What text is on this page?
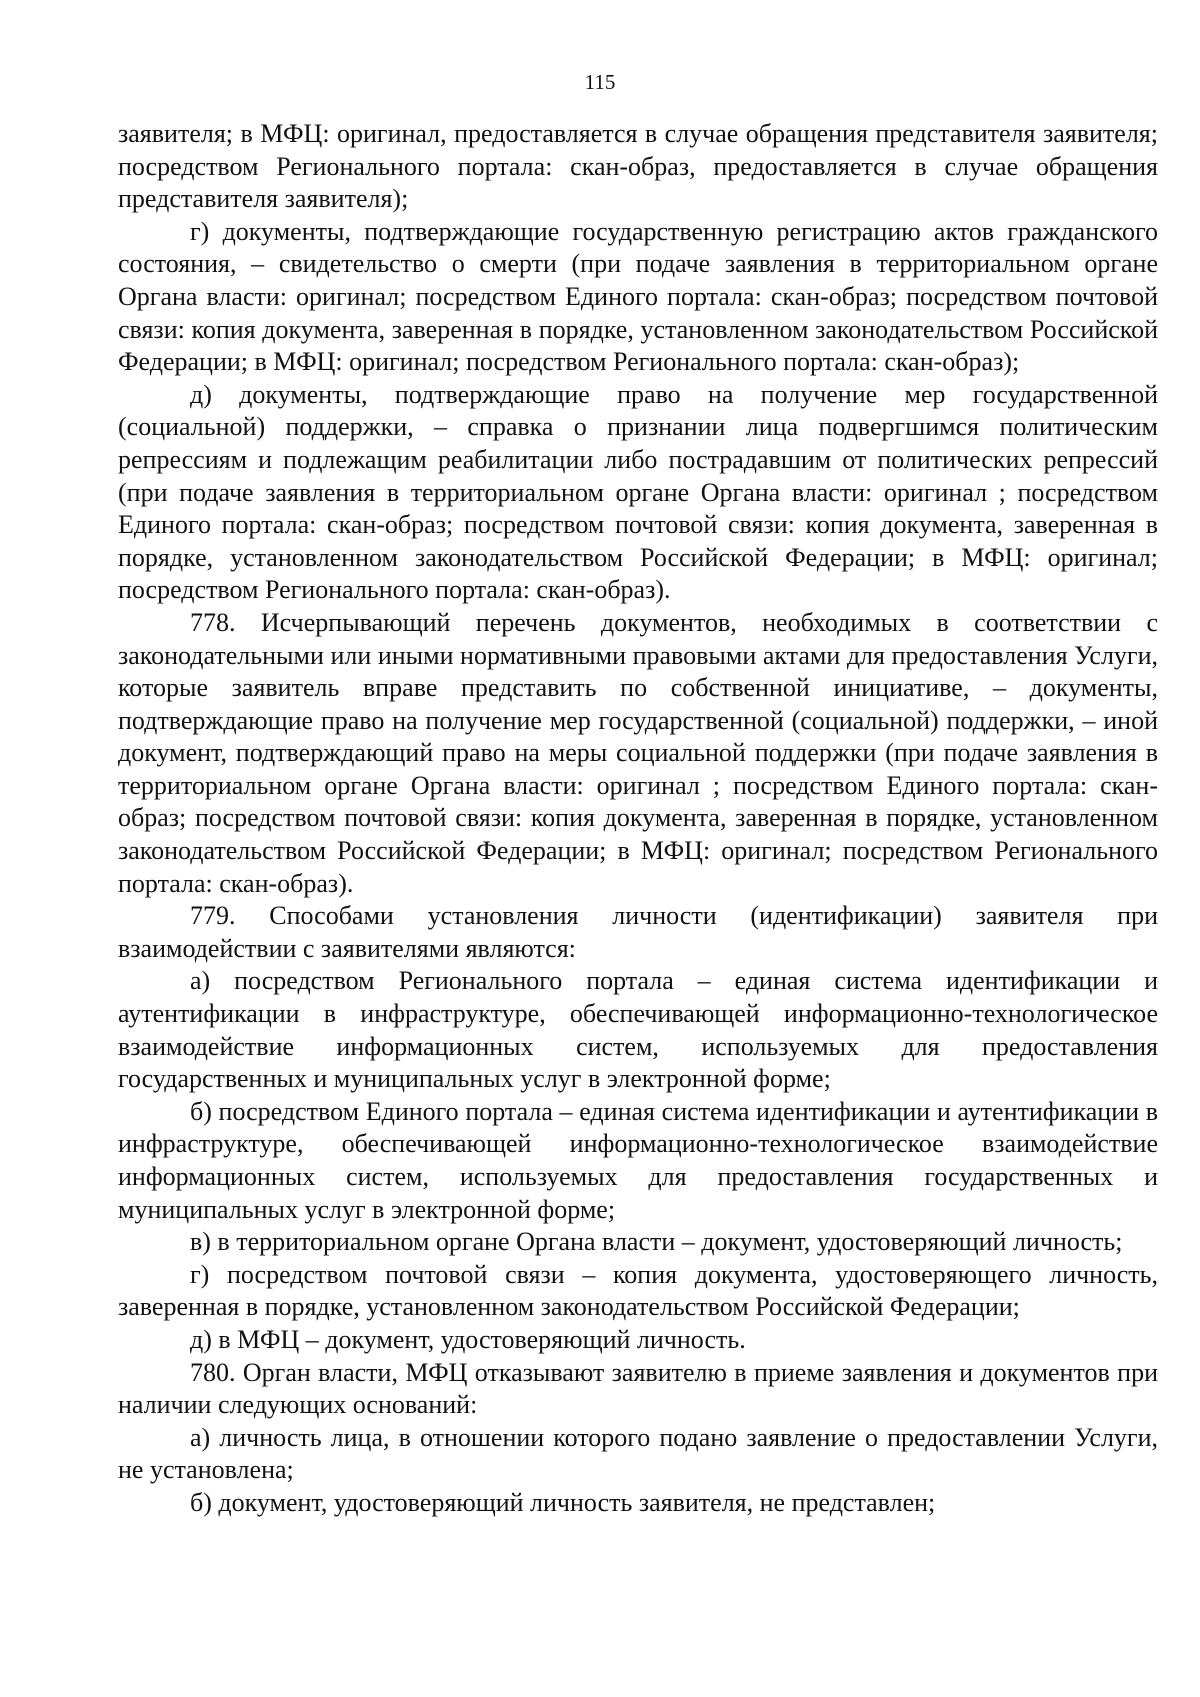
115

заявителя; в МФЦ: оригинал, предоставляется в случае обращения представителя заявителя; посредством Регионального портала: скан-образ, предоставляется в случае обращения представителя заявителя);

г) документы, подтверждающие государственную регистрацию актов гражданского состояния, – свидетельство о смерти (при подаче заявления в территориальном органе Органа власти: оригинал; посредством Единого портала: скан-образ; посредством почтовой связи: копия документа, заверенная в порядке, установленном законодательством Российской Федерации; в МФЦ: оригинал; посредством Регионального портала: скан-образ);

д) документы, подтверждающие право на получение мер государственной (социальной) поддержки, – справка о признании лица подвергшимся политическим репрессиям и подлежащим реабилитации либо пострадавшим от политических репрессий (при подаче заявления в территориальном органе Органа власти: оригинал ; посредством Единого портала: скан-образ; посредством почтовой связи: копия документа, заверенная в порядке, установленном законодательством Российской Федерации; в МФЦ: оригинал; посредством Регионального портала: скан-образ).

778. Исчерпывающий перечень документов, необходимых в соответствии с законодательными или иными нормативными правовыми актами для предоставления Услуги, которые заявитель вправе представить по собственной инициативе, – документы, подтверждающие право на получение мер государственной (социальной) поддержки, – иной документ, подтверждающий право на меры социальной поддержки (при подаче заявления в территориальном органе Органа власти: оригинал ; посредством Единого портала: скан-образ; посредством почтовой связи: копия документа, заверенная в порядке, установленном законодательством Российской Федерации; в МФЦ: оригинал; посредством Регионального портала: скан-образ).

779. Способами установления личности (идентификации) заявителя при взаимодействии с заявителями являются:

а) посредством Регионального портала – единая система идентификации и аутентификации в инфраструктуре, обеспечивающей информационно-технологическое взаимодействие информационных систем, используемых для предоставления государственных и муниципальных услуг в электронной форме;

б) посредством Единого портала – единая система идентификации и аутентификации в инфраструктуре, обеспечивающей информационно-технологическое взаимодействие информационных систем, используемых для предоставления государственных и муниципальных услуг в электронной форме;

в) в территориальном органе Органа власти – документ, удостоверяющий личность;

г) посредством почтовой связи – копия документа, удостоверяющего личность, заверенная в порядке, установленном законодательством Российской Федерации;

д) в МФЦ – документ, удостоверяющий личность.

780. Орган власти, МФЦ отказывают заявителю в приеме заявления и документов при наличии следующих оснований:

а) личность лица, в отношении которого подано заявление о предоставлении Услуги, не установлена;

б) документ, удостоверяющий личность заявителя, не представлен;
